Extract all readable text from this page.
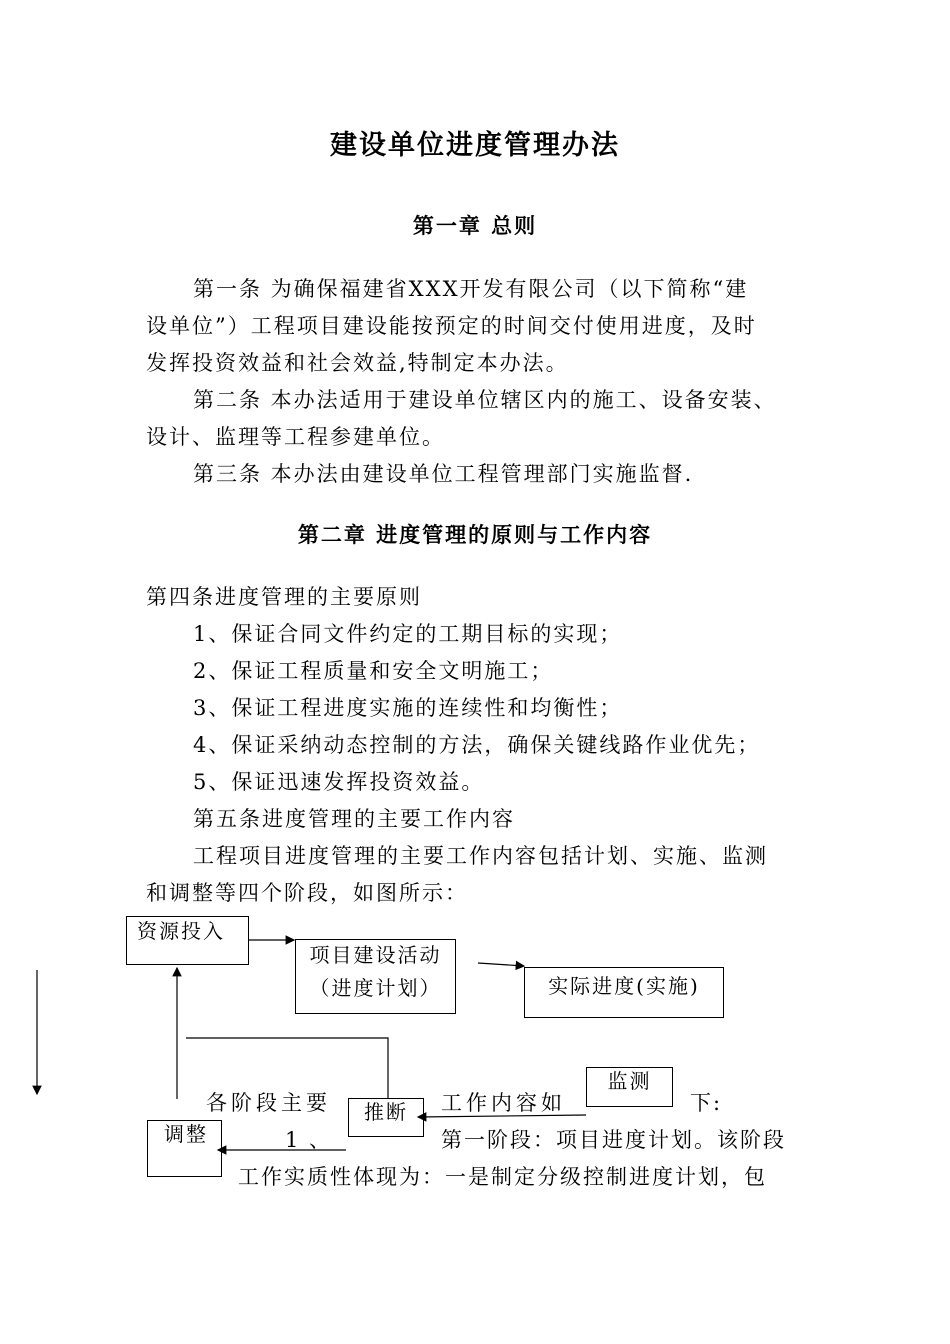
建设单位进度管理办法
第一章 总则
第一条 为确保福建省XXX开发有限公司（以下简称“建
设单位”）工程项目建设能按预定的时间交付使用进度，及时
发挥投资效益和社会效益,特制定本办法。
第二条 本办法适用于建设单位辖区内的施工、设备安装、
设计、监理等工程参建单位。
第三条 本办法由建设单位工程管理部门实施监督.
第二章 进度管理的原则与工作内容
第四条进度管理的主要原则
1、保证合同文件约定的工期目标的实现；
2、保证工程质量和安全文明施工；
3、保证工程进度实施的连续性和均衡性；
4、保证采纳动态控制的方法，确保关键线路作业优先；
5、保证迅速发挥投资效益。
第五条进度管理的主要工作内容
工程项目进度管理的主要工作内容包括计划、实施、监测
和调整等四个阶段，如图所示：
资源投入
项目建设活动
（进度计划）	实际进度(实施)
监测
推断
调整
各阶段主要	工作内容如	下:
1 、	第一阶段：项目进度计划。该阶段
工作实质性体现为：一是制定分级控制进度计划，包
